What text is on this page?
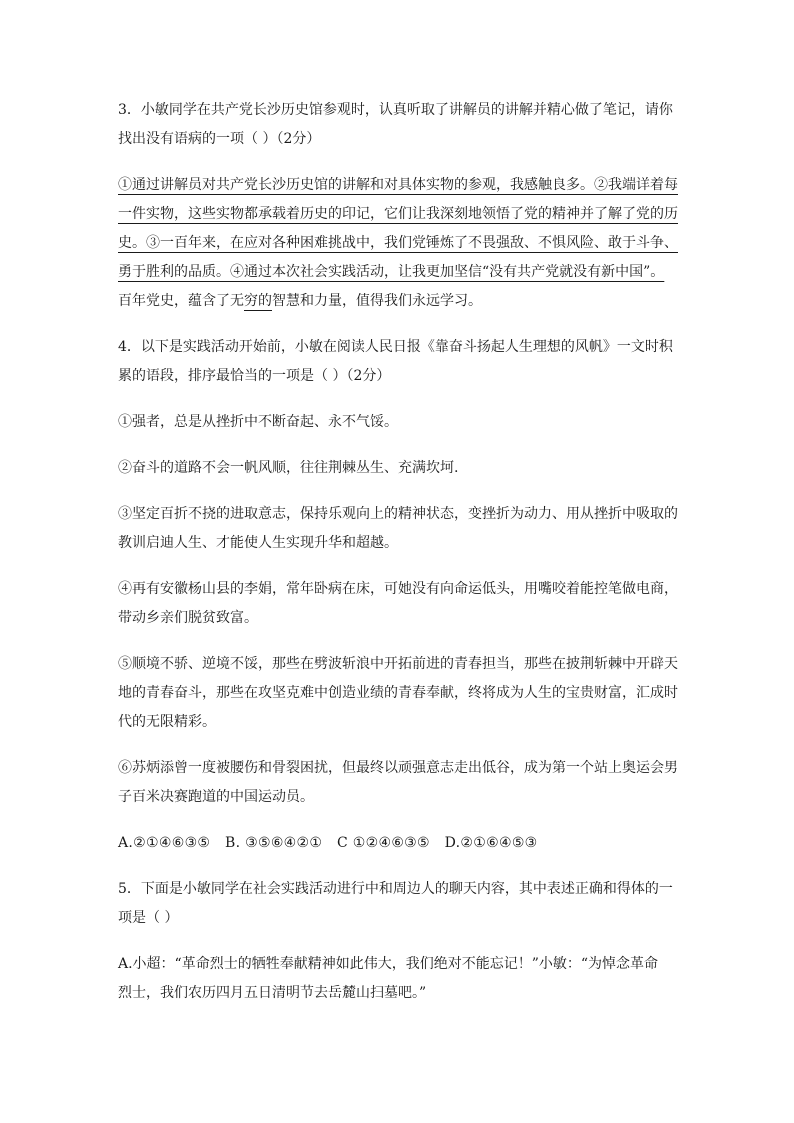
3．小敏同学在共产党长沙历史馆参观时，认真听取了讲解员的讲解并精心做了笔记，请你
找出没有语病的一项（ ）（2分）
①通过讲解员对共产党长沙历史馆的讲解和对具体实物的参观，我感触良多。②我端详着每
一件实物，这些实物都承载着历史的印记，它们让我深刻地领悟了党的精神并了解了党的历
史。③一百年来，在应对各种困难挑战中，我们党锤炼了不畏强敌、不惧风险、敢于斗争、
勇于胜利的品质。④通过本次社会实践活动，让我更加坚信“没有共产党就没有新中国”。
百年党史，蕴含了无穷的智慧和力量，值得我们永远学习。
4．以下是实践活动开始前，小敏在阅读人民日报《靠奋斗扬起人生理想的风帆》一文时积
累的语段，排序最恰当的一项是（ ）（2分）
①强者，总是从挫折中不断奋起、永不气馁。
②奋斗的道路不会一帆风顺，往往荆棘丛生、充满坎坷.
③坚定百折不挠的进取意志，保持乐观向上的精神状态，变挫折为动力、用从挫折中吸取的
教训启迪人生、才能使人生实现升华和超越。
④再有安徽杨山县的李娟，常年卧病在床，可她没有向命运低头，用嘴咬着能控笔做电商，
带动乡亲们脱贫致富。
⑤顺境不骄、逆境不馁，那些在劈波斩浪中开拓前进的青春担当，那些在披荆斩棘中开辟天
地的青春奋斗，那些在攻坚克难中创造业绩的青春奉献，终将成为人生的宝贵财富，汇成时
代的无限精彩。
⑥苏炳添曾一度被腰伤和骨裂困扰，但最终以顽强意志走出低谷，成为第一个站上奥运会男
子百米决赛跑道的中国运动员。
A.②①④⑥③⑤ B. ③⑤⑥④②① C ①②④⑥③⑤ D.②①⑥④⑤③
5．下面是小敏同学在社会实践活动进行中和周边人的聊天内容，其中表述正确和得体的一
项是（ ）
A.小超：“革命烈士的牺牲奉献精神如此伟大，我们绝对不能忘记！”小敏：“为悼念革命
烈士，我们农历四月五日清明节去岳麓山扫墓吧。”
